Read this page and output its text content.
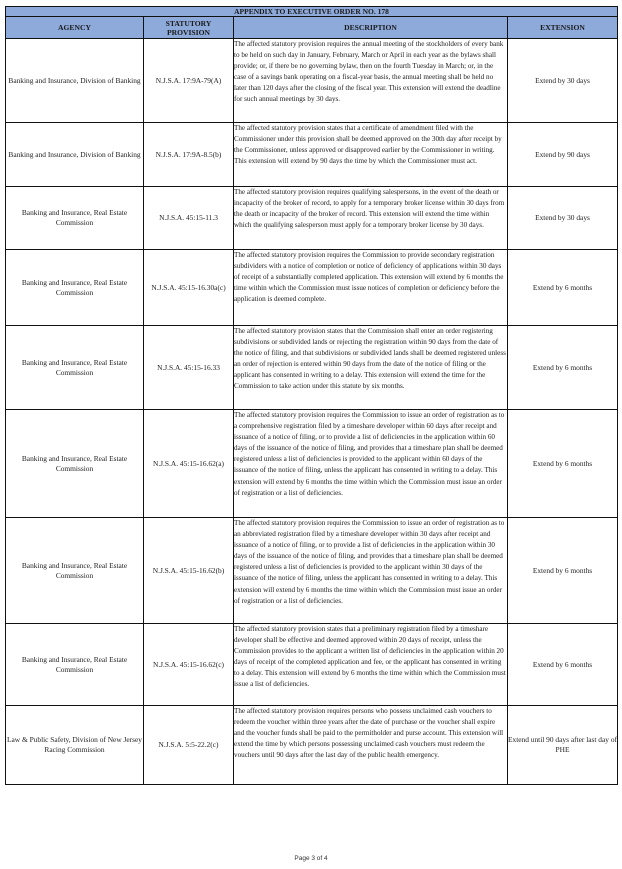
APPENDIX TO EXECUTIVE ORDER NO. 178			
AGENCY	STATUTORY PROVISION	DESCRIPTION	EXTENSION
Banking and Insurance, Division of Banking	N.J.S.A. 17:9A-79(A)	The affected statutory provision requires the annual meeting of the stockholders of every bank to be held on such day in January, February, March or April in each year as the bylaws shall provide; or, if there be no governing bylaw, then on the fourth Tuesday in March; or, in the case of a savings bank operating on a fiscal-year basis, the annual meeting shall be held no later than 120 days after the closing of the fiscal year. This extension will extend the deadline for such annual meetings by 30 days.	Extend by 30 days
Banking and Insurance, Division of Banking	N.J.S.A. 17:9A-8.5(b)	The affected statutory provision states that a certificate of amendment filed with the Commissioner under this provision shall be deemed approved on the 30th day after receipt by the Commissioner, unless approved or disapproved earlier by the Commissioner in writing. This extension will extend by 90 days the time by which the Commissioner must act.	Extend by 90 days
Banking and Insurance, Real Estate Commission	N.J.S.A. 45:15-11.3	The affected statutory provision requires qualifying salespersons, in the event of the death or incapacity of the broker of record, to apply for a temporary broker license within 30 days from the death or incapacity of the broker of record. This extension will extend the time within which the qualifying salesperson must apply for a temporary broker license by 30 days.	Extend by 30 days
Banking and Insurance, Real Estate Commission	N.J.S.A. 45:15-16.30a(c)	The affected statutory provision requires the Commission to provide secondary registration subdividers with a notice of completion or notice of deficiency of applications within 30 days of receipt of a substantially completed application. This extension will extend by 6 months the time within which the Commission must issue notices of completion or deficiency before the application is deemed complete.	Extend by 6 months
Banking and Insurance, Real Estate Commission	N.J.S.A. 45:15-16.33	The affected statutory provision states that the Commission shall enter an order registering subdivisions or subdivided lands or rejecting the registration within 90 days from the date of the notice of filing, and that subdivisions or subdivided lands shall be deemed registered unless an order of rejection is entered within 90 days from the date of the notice of filing or the applicant has consented in writing to a delay. This extension will extend the time for the Commission to take action under this statute by six months.	Extend by 6 months
Banking and Insurance, Real Estate Commission	N.J.S.A. 45:15-16.62(a)	The affected statutory provision requires the Commission to issue an order of registration as to a comprehensive registration filed by a timeshare developer within 60 days after receipt and issuance of a notice of filing, or to provide a list of deficiencies in the application within 60 days of the issuance of the notice of filing, and provides that a timeshare plan shall be deemed registered unless a list of deficiencies is provided to the applicant within 60 days of the issuance of the notice of filing, unless the applicant has consented in writing to a delay. This extension will extend by 6 months the time within which the Commission must issue an order of registration or a list of deficiencies.	Extend by 6 months
Banking and Insurance, Real Estate Commission	N.J.S.A. 45:15-16.62(b)	The affected statutory provision requires the Commission to issue an order of registration as to an abbreviated registration filed by a timeshare developer within 30 days after receipt and issuance of a notice of filing, or to provide a list of deficiencies in the application within 30 days of the issuance of the notice of filing, and provides that a timeshare plan shall be deemed registered unless a list of deficiencies is provided to the applicant within 30 days of the issuance of the notice of filing, unless the applicant has consented in writing to a delay. This extension will extend by 6 months the time within which the Commission must issue an order of registration or a list of deficiencies.	Extend by 6 months
Banking and Insurance, Real Estate Commission	N.J.S.A. 45:15-16.62(c)	The affected statutory provision states that a preliminary registration filed by a timeshare developer shall be effective and deemed approved within 20 days of receipt, unless the Commission provides to the applicant a written list of deficiencies in the application within 20 days of receipt of the completed application and fee, or the applicant has consented in writing to a delay. This extension will extend by 6 months the time within which the Commission must issue a list of deficiencies.	Extend by 6 months
Law & Public Safety, Division of New Jersey Racing Commission	N.J.S.A. 5:5-22.2(c)	The affected statutory provision requires persons who possess unclaimed cash vouchers to redeem the voucher within three years after the date of purchase or the voucher shall expire and the voucher funds shall be paid to the permitholder and purse account. This extension will extend the time by which persons possessing unclaimed cash vouchers must redeem the vouchers until 90 days after the last day of the public health emergency.	Extend until 90 days after last day of PHE
Page 3 of 4
